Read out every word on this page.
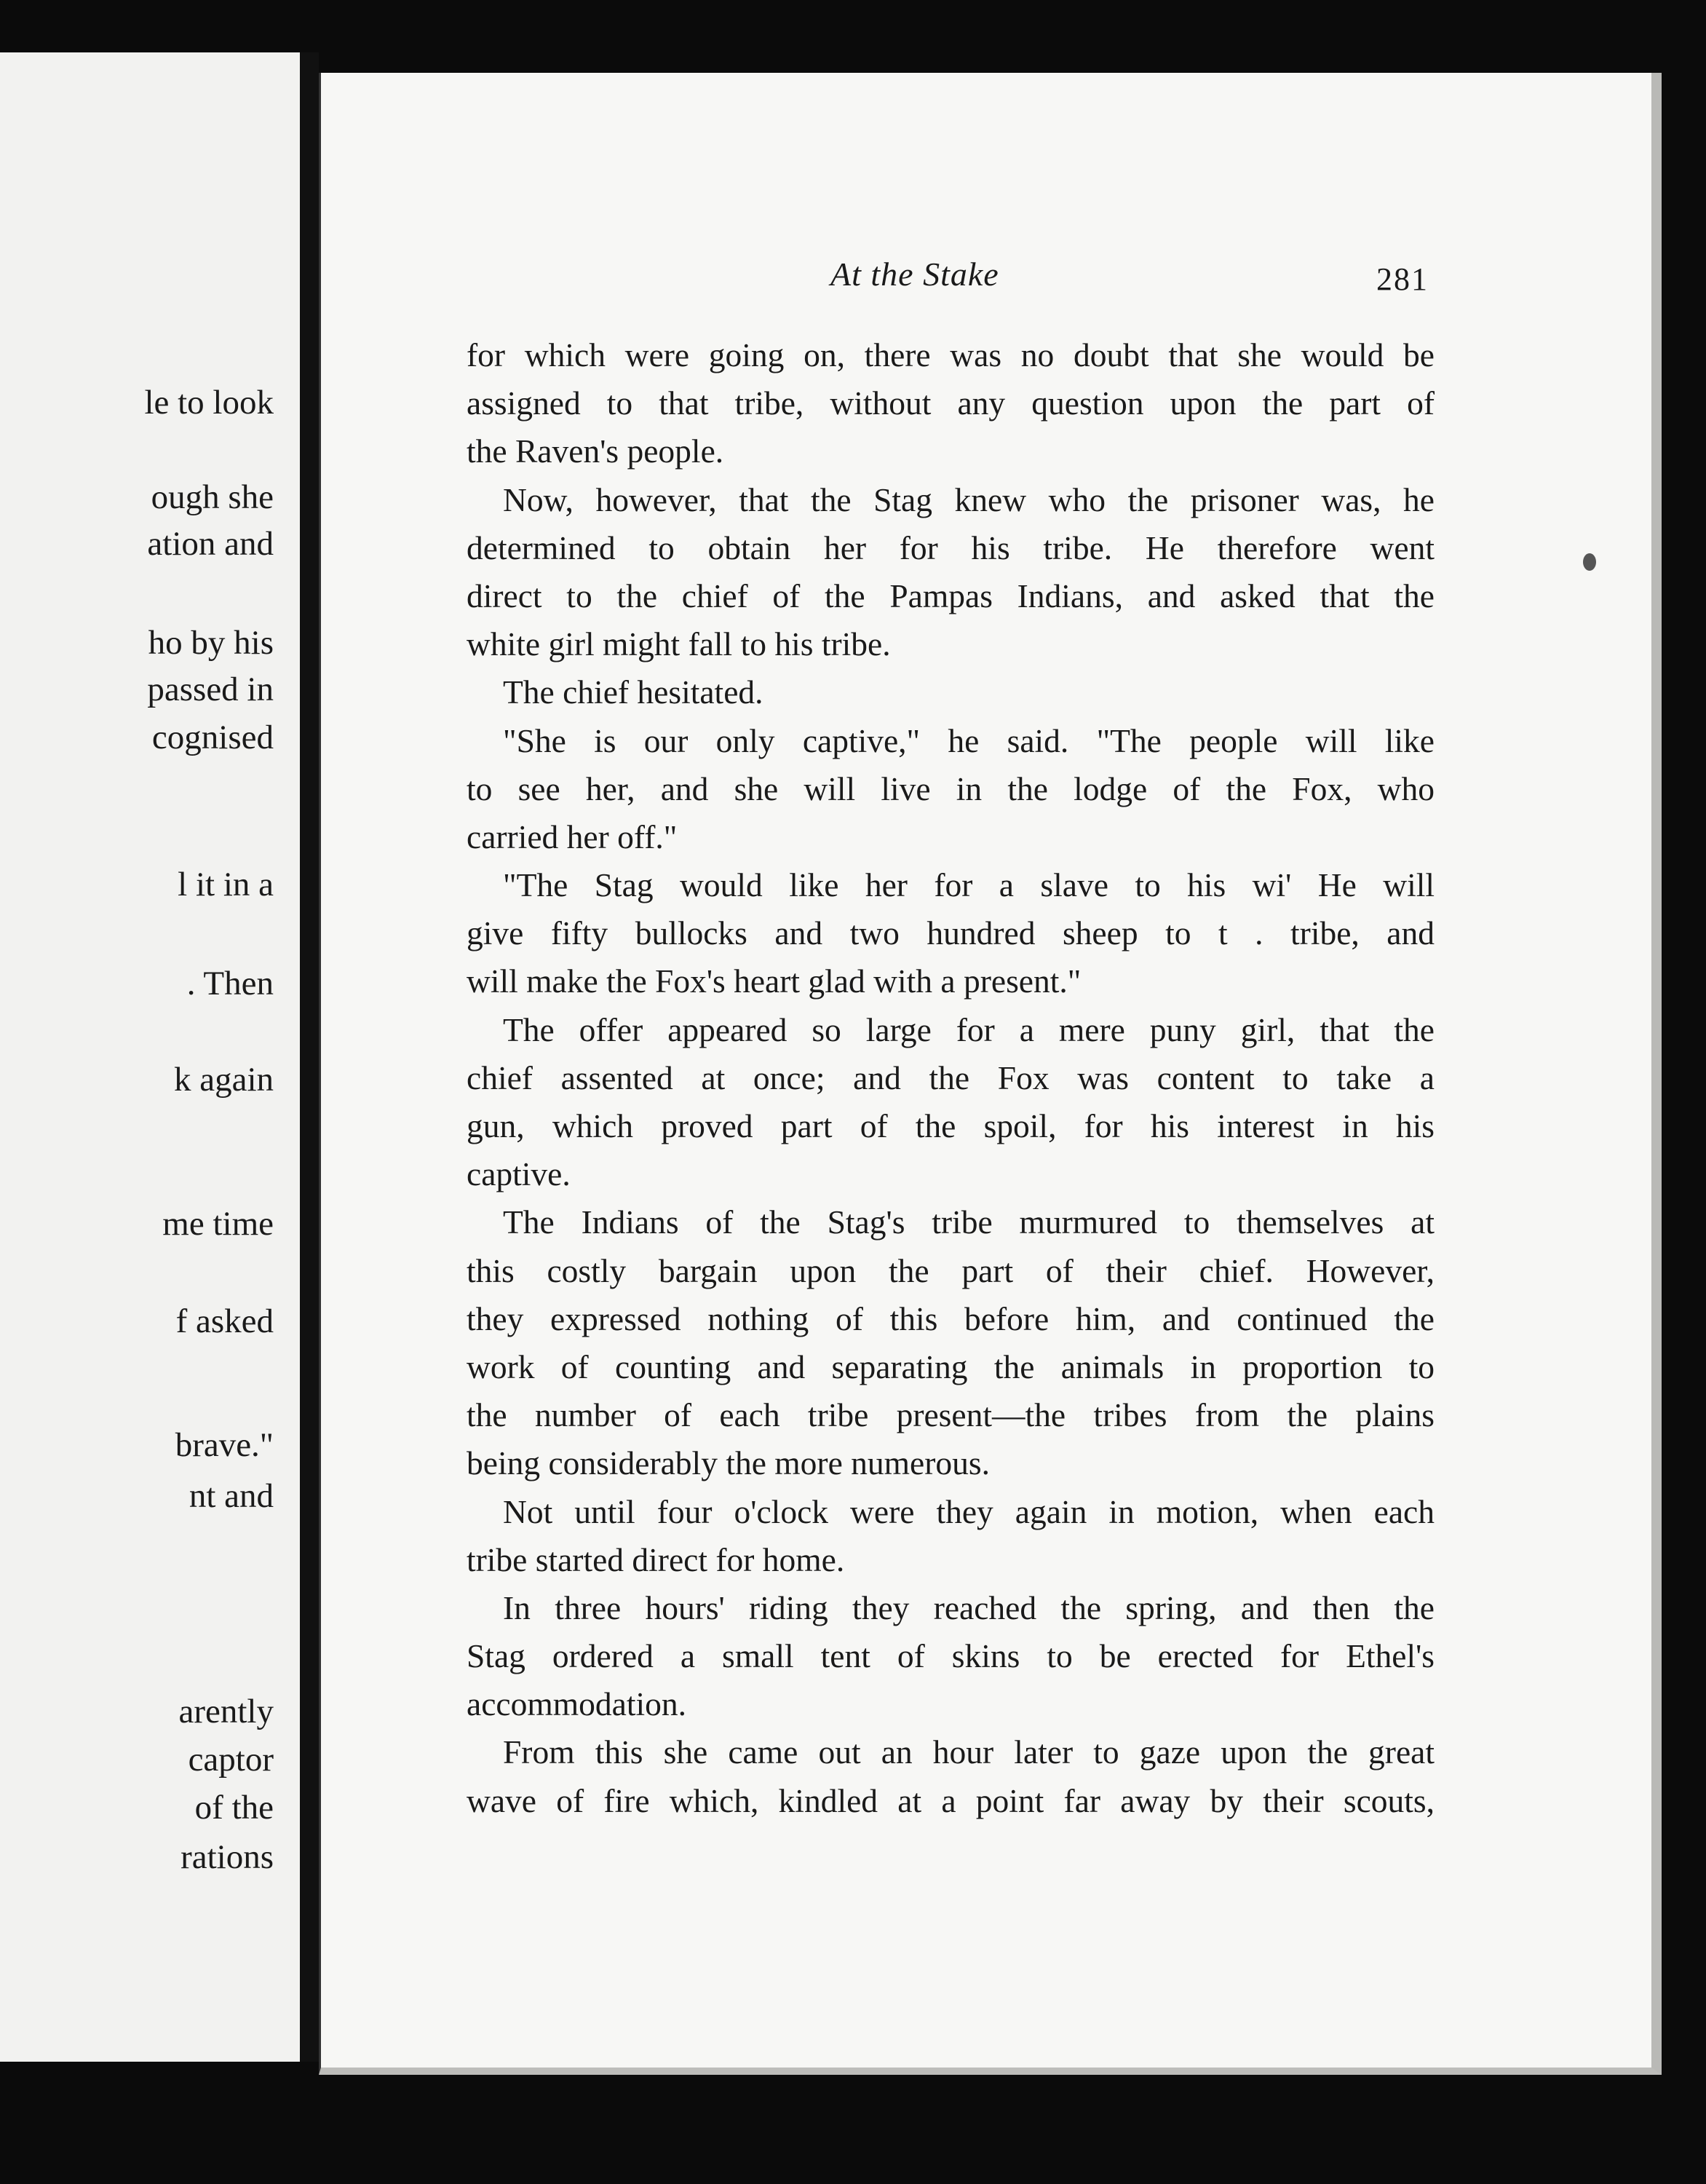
le to look
ough she
ation and
ho by his
passed in
cognised
l it in a
. Then
k again
me time
f asked
brave."
nt and
arently
captor
of the
rations
At the Stake	281
for which were going on, there was no doubt that she would be
assigned to that tribe, without any question upon the part of
the Raven's people.
Now, however, that the Stag knew who the prisoner was, he
determined to obtain her for his tribe. He therefore went
direct to the chief of the Pampas Indians, and asked that the
white girl might fall to his tribe.
The chief hesitated.
"She is our only captive," he said. "The people will like
to see her, and she will live in the lodge of the Fox, who
carried her off."
"The Stag would like her for a slave to his wi' He will
give fifty bullocks and two hundred sheep to t . tribe, and
will make the Fox's heart glad with a present."
The offer appeared so large for a mere puny girl, that the
chief assented at once; and the Fox was content to take a
gun, which proved part of the spoil, for his interest in his
captive.
The Indians of the Stag's tribe murmured to themselves at
this costly bargain upon the part of their chief. However,
they expressed nothing of this before him, and continued the
work of counting and separating the animals in proportion to
the number of each tribe present—the tribes from the plains
being considerably the more numerous.
Not until four o'clock were they again in motion, when each
tribe started direct for home.
In three hours' riding they reached the spring, and then the
Stag ordered a small tent of skins to be erected for Ethel's
accommodation.
From this she came out an hour later to gaze upon the great
wave of fire which, kindled at a point far away by their scouts,
